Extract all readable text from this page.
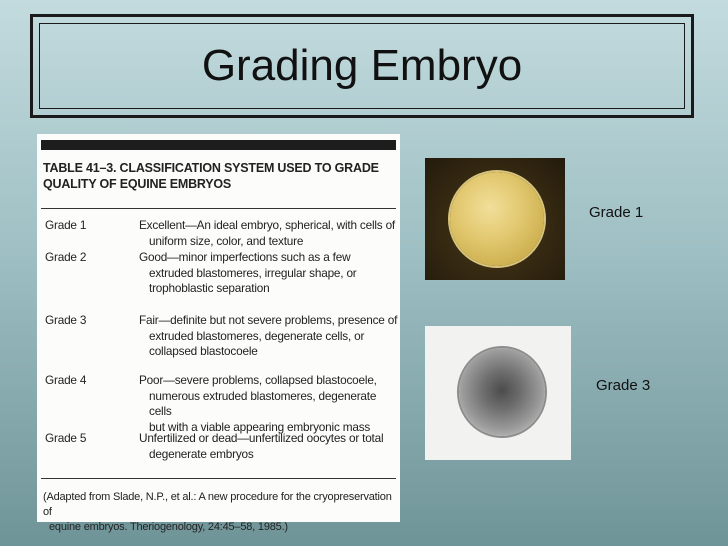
Grading Embryo
TABLE 41–3. CLASSIFICATION SYSTEM USED TO GRADE
QUALITY OF EQUINE EMBRYOS
Grade 1	Excellent—An ideal embryo, spherical, with cells of
uniform size, color, and texture
Grade 2	Good—minor imperfections such as a few
extruded blastomeres, irregular shape, or
trophoblastic separation
Grade 3	Fair—definite but not severe problems, presence of
extruded blastomeres, degenerate cells, or
collapsed blastocoele
Grade 4	Poor—severe problems, collapsed blastocoele,
numerous extruded blastomeres, degenerate cells
but with a viable appearing embryonic mass
Grade 5	Unfertilized or dead—unfertilized oocytes or total
degenerate embryos
(Adapted from Slade, N.P., et al.: A new procedure for the cryopreservation of
equine embryos. Theriogenology, 24:45–58, 1985.)
Grade 1
Grade 3
